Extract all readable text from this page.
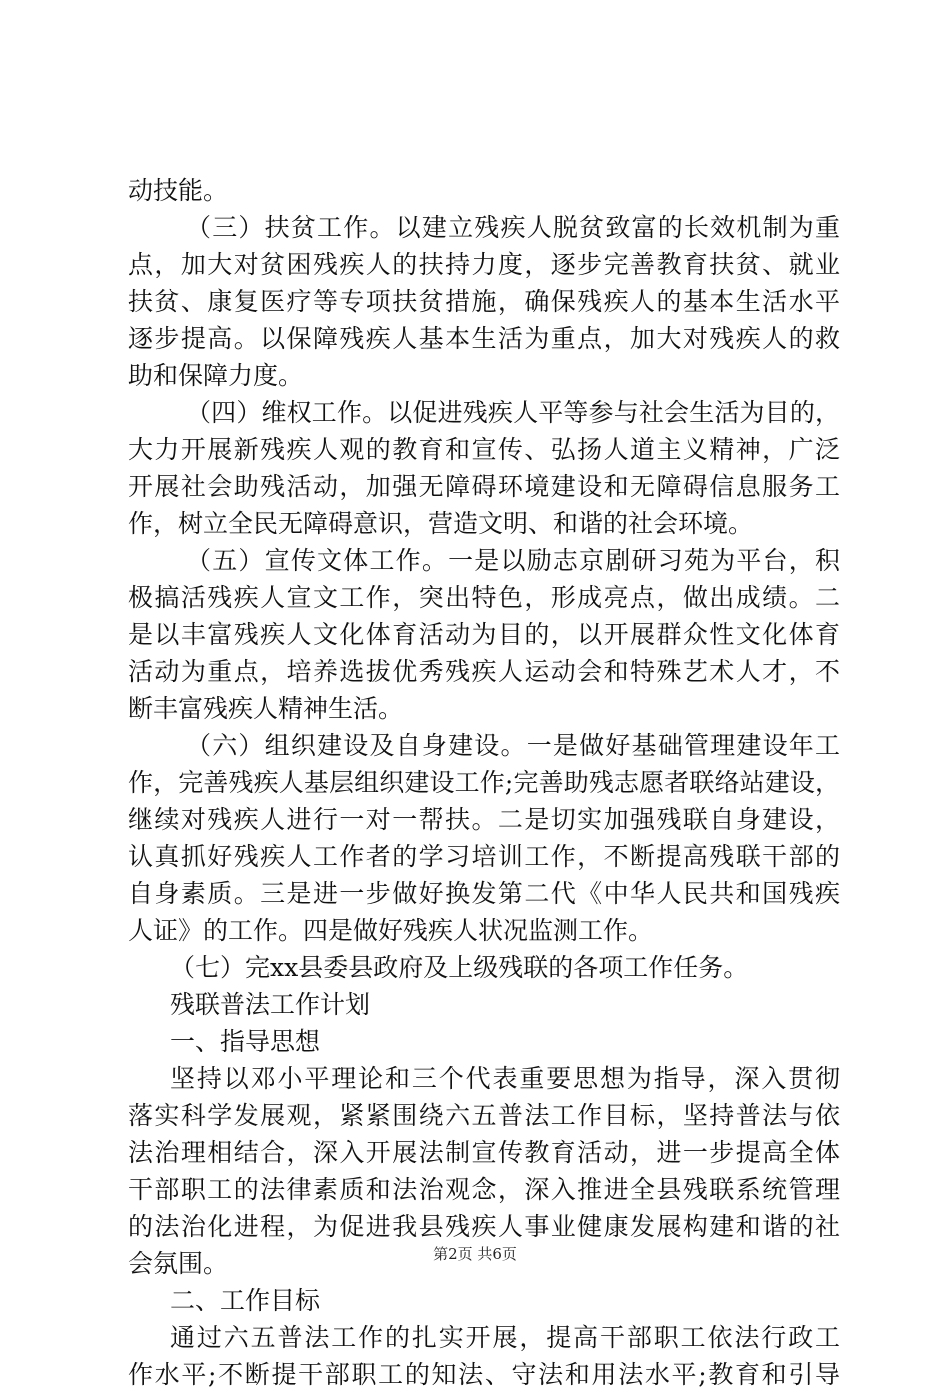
动技能。
（三）扶贫工作。以建立残疾人脱贫致富的长效机制为重
点，加大对贫困残疾人的扶持力度，逐步完善教育扶贫、就业
扶贫、康复医疗等专项扶贫措施，确保残疾人的基本生活水平
逐步提高。以保障残疾人基本生活为重点，加大对残疾人的救
助和保障力度。
（四）维权工作。以促进残疾人平等参与社会生活为目的，
大力开展新残疾人观的教育和宣传、弘扬人道主义精神，广泛
开展社会助残活动，加强无障碍环境建设和无障碍信息服务工
作，树立全民无障碍意识，营造文明、和谐的社会环境。
（五）宣传文体工作。一是以励志京剧研习苑为平台，积
极搞活残疾人宣文工作，突出特色，形成亮点，做出成绩。二
是以丰富残疾人文化体育活动为目的，以开展群众性文化体育
活动为重点，培养选拔优秀残疾人运动会和特殊艺术人才，不
断丰富残疾人精神生活。
（六）组织建设及自身建设。一是做好基础管理建设年工
作，完善残疾人基层组织建设工作;完善助残志愿者联络站建设，
继续对残疾人进行一对一帮扶。二是切实加强残联自身建设，
认真抓好残疾人工作者的学习培训工作，不断提高残联干部的
自身素质。三是进一步做好换发第二代《中华人民共和国残疾
人证》的工作。四是做好残疾人状况监测工作。
（七）完xx县委县政府及上级残联的各项工作任务。
残联普法工作计划
一、指导思想
坚持以邓小平理论和三个代表重要思想为指导，深入贯彻
落实科学发展观，紧紧围绕六五普法工作目标，坚持普法与依
法治理相结合，深入开展法制宣传教育活动，进一步提高全体
干部职工的法律素质和法治观念，深入推进全县残联系统管理
的法治化进程，为促进我县残疾人事业健康发展构建和谐的社
会氛围。
二、工作目标
通过六五普法工作的扎实开展，提高干部职工依法行政工
作水平;不断提干部职工的知法、守法和用法水平;教育和引导
第2页 共6页
